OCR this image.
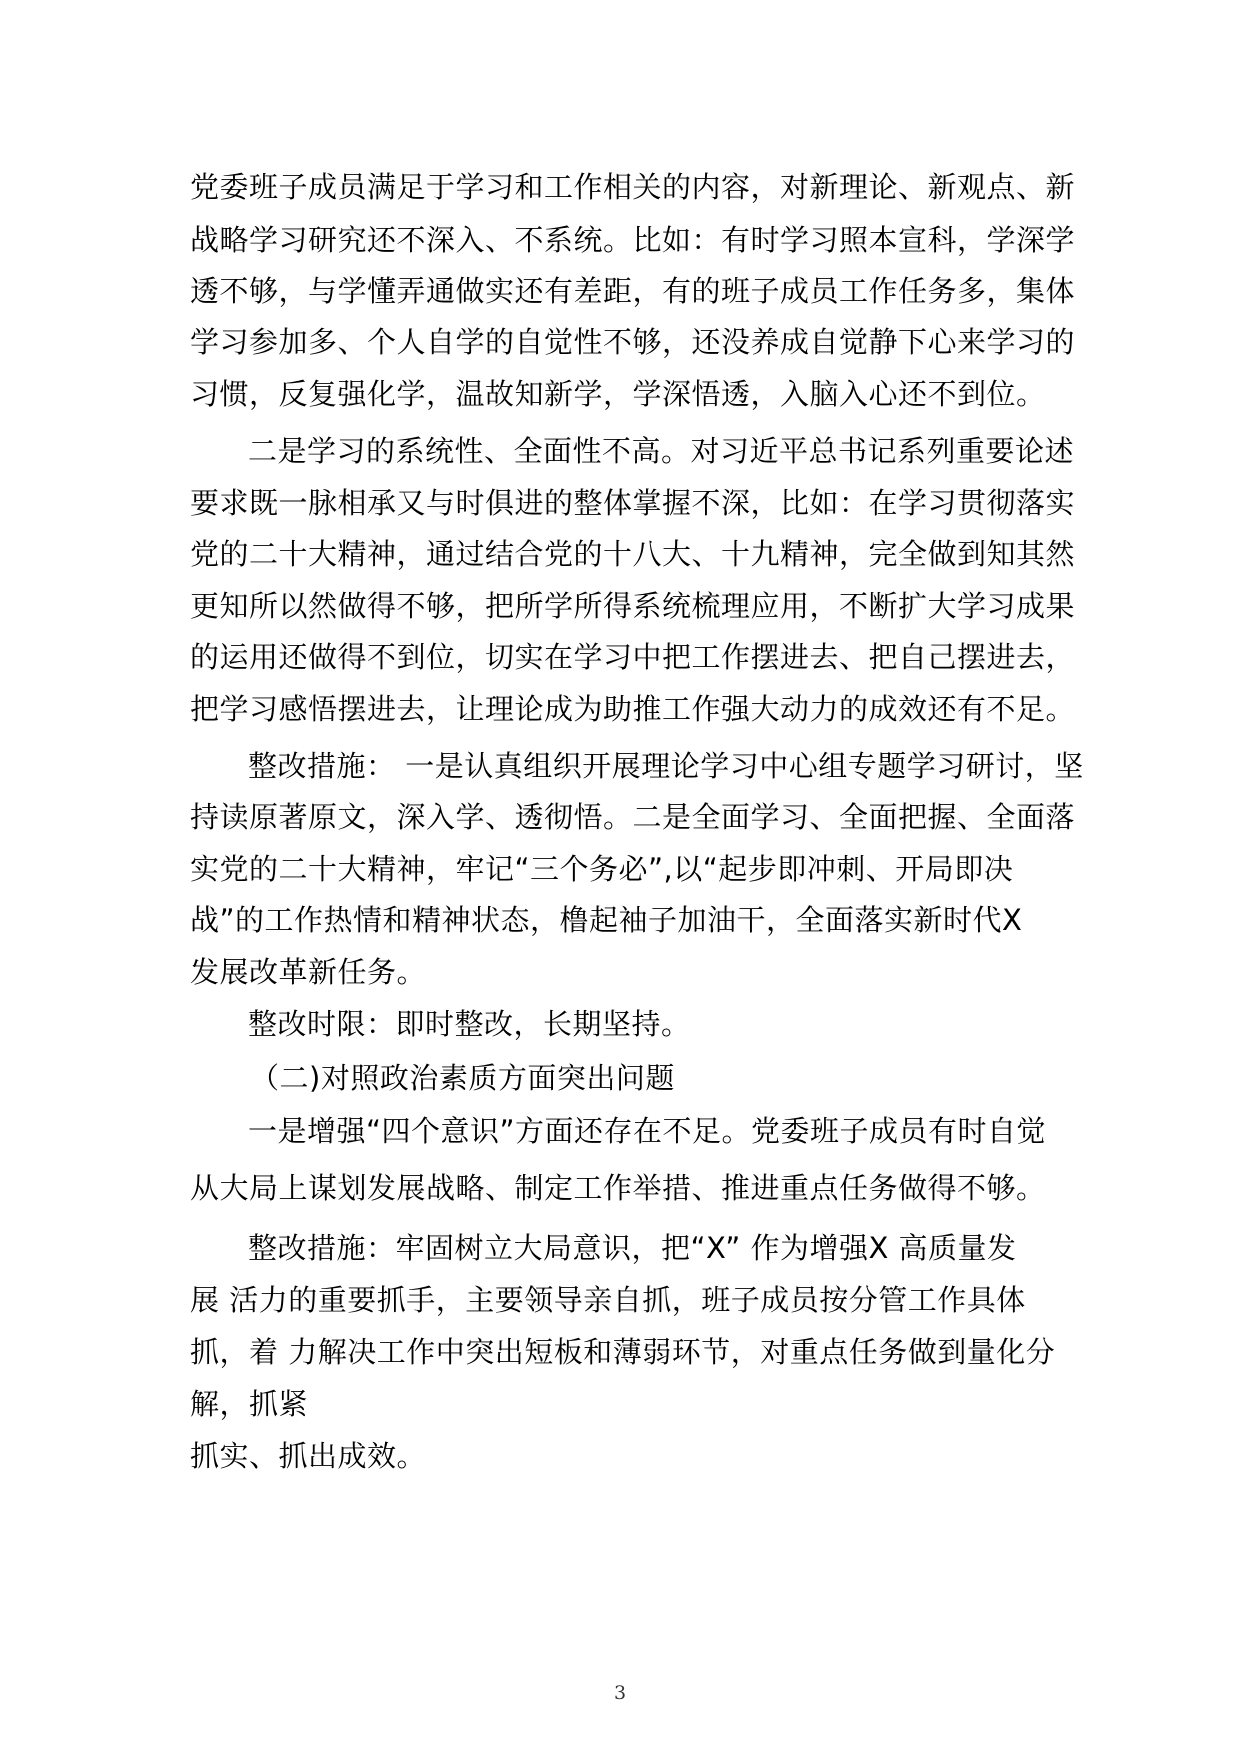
党委班子成员满足于学习和工作相关的内容，对新理论、新观点、新
战略学习研究还不深入、不系统。比如：有时学习照本宣科，学深学
透不够，与学懂弄通做实还有差距，有的班子成员工作任务多，集体
学习参加多、个人自学的自觉性不够，还没养成自觉静下心来学习的
习惯，反复强化学，温故知新学，学深悟透，入脑入心还不到位。
二是学习的系统性、全面性不高。对习近平总书记系列重要论述
要求既一脉相承又与时俱进的整体掌握不深，比如：在学习贯彻落实
党的二十大精神，通过结合党的十八大、十九精神，完全做到知其然
更知所以然做得不够，把所学所得系统梳理应用，不断扩大学习成果
的运用还做得不到位，切实在学习中把工作摆进去、把自己摆进去，
把学习感悟摆进去，让理论成为助推工作强大动力的成效还有不足。
整改措施： 一是认真组织开展理论学习中心组专题学习研讨，坚
持读原著原文，深入学、透彻悟。二是全面学习、全面把握、全面落
实党的二十大精神，牢记“三个务必”,以“起步即冲刺、开局即决
战”的工作热情和精神状态，橹起袖子加油干，全面落实新时代X
发展改革新任务。
整改时限：即时整改，长期坚持。
（二)对照政治素质方面突出问题
一是增强“四个意识”方面还存在不足。党委班子成员有时自觉
从大局上谋划发展战略、制定工作举措、推进重点任务做得不够。
整改措施：牢固树立大局意识，把“X” 作为增强X 高质量发
展 活力的重要抓手，主要领导亲自抓，班子成员按分管工作具体
抓，着 力解决工作中突出短板和薄弱环节，对重点任务做到量化分
解，抓紧
抓实、抓出成效。
3
